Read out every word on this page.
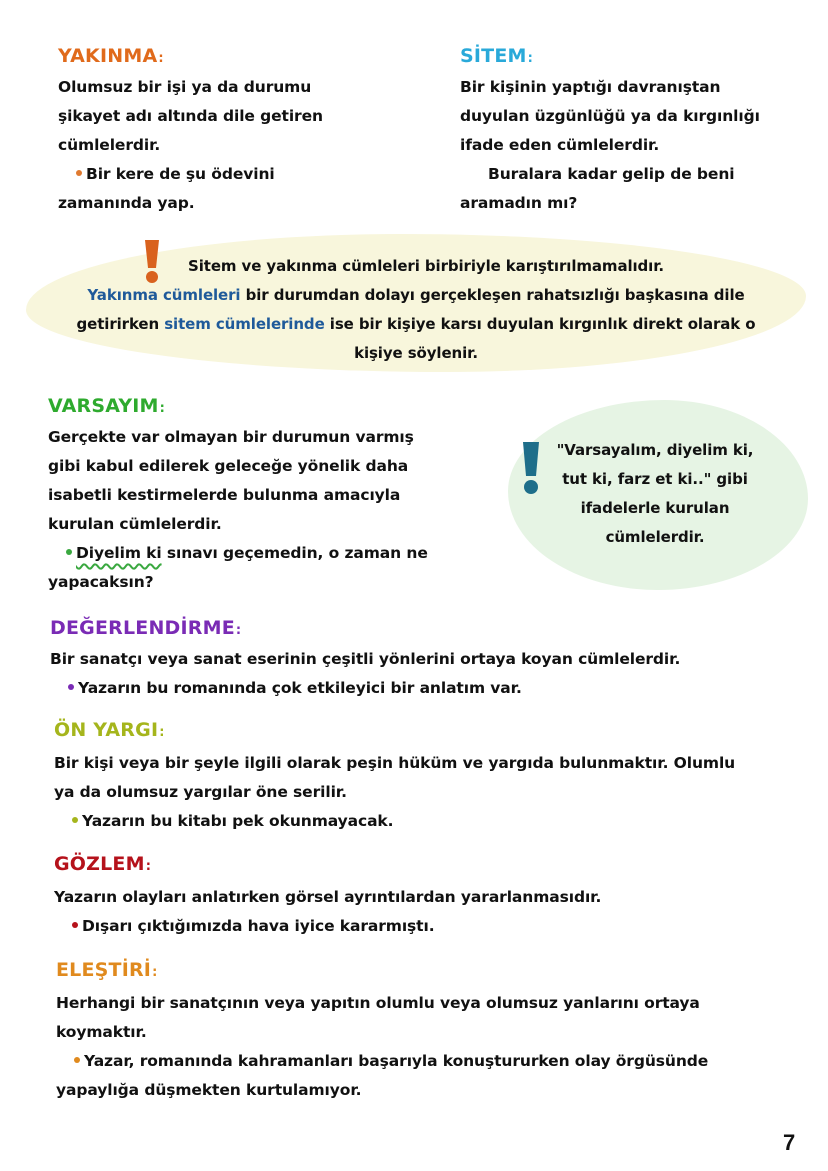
YAKINMA:
Olumsuz bir işi ya da durumu
şikayet adı altında dile getiren
cümlelerdir.
Bir kere de şu ödevini
zamanında yap.
SİTEM:
Bir kişinin yaptığı davranıştan
duyulan üzgünlüğü ya da kırgınlığı
ifade eden cümlelerdir.
Buralara kadar gelip de beni
aramadın mı?
Sitem ve yakınma cümleleri birbiriyle karıştırılmamalıdır.
Yakınma cümleleri bir durumdan dolayı gerçekleşen rahatsızlığı başkasına dile
getirirken sitem cümlelerinde ise bir kişiye karsı duyulan kırgınlık direkt olarak o
kişiye söylenir.
VARSAYIM:
Gerçekte var olmayan bir durumun varmış
gibi kabul edilerek geleceğe yönelik daha
isabetli kestirmelerde bulunma amacıyla
kurulan cümlelerdir.
Diyelim ki sınavı geçemedin, o zaman ne
yapacaksın?
"Varsayalım, diyelim ki,
tut ki, farz et ki.." gibi
ifadelerle kurulan
cümlelerdir.
DEĞERLENDİRME:
Bir sanatçı veya sanat eserinin çeşitli yönlerini ortaya koyan cümlelerdir.
Yazarın bu romanında çok etkileyici bir anlatım var.
ÖN YARGI:
Bir kişi veya bir şeyle ilgili olarak peşin hüküm ve yargıda bulunmaktır. Olumlu
ya da olumsuz yargılar öne serilir.
Yazarın bu kitabı pek okunmayacak.
GÖZLEM:
Yazarın olayları anlatırken görsel ayrıntılardan yararlanmasıdır.
Dışarı çıktığımızda hava iyice kararmıştı.
ELEŞTİRİ:
Herhangi bir sanatçının veya yapıtın olumlu veya olumsuz yanlarını ortaya
koymaktır.
Yazar, romanında kahramanları başarıyla konuştururken olay örgüsünde
yapaylığa düşmekten kurtulamıyor.
7
